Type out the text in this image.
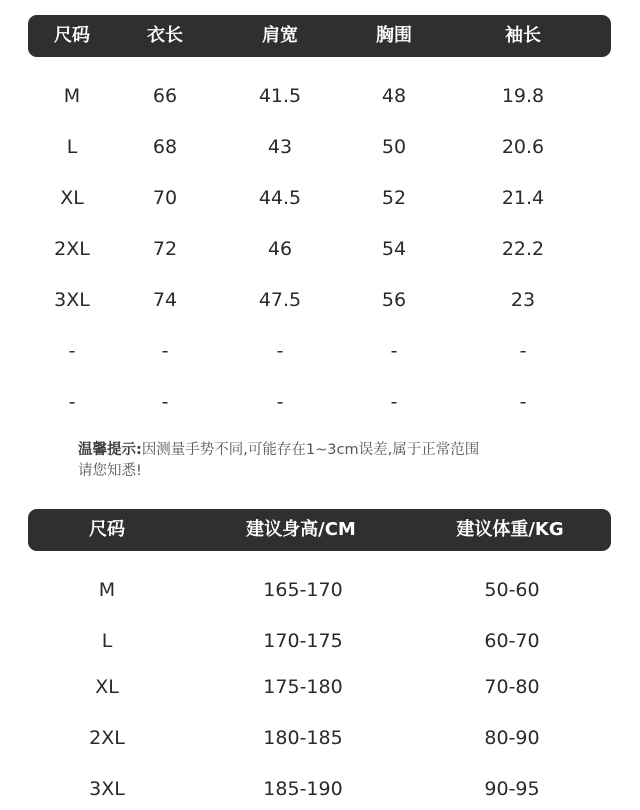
尺码	衣长	肩宽	胸围	袖长
M	66	41.5	48	19.8
L	68	43	50	20.6
XL	70	44.5	52	21.4
2XL	72	46	54	22.2
3XL	74	47.5	56	23
-	-	-	-	-
-	-	-	-	-
温馨提示:因测量手势不同,可能存在1~3cm误差,属于正常范围
请您知悉!
尺码	建议身高/CM	建议体重/KG
M	165-170	50-60
L	170-175	60-70
XL	175-180	70-80
2XL	180-185	80-90
3XL	185-190	90-95
